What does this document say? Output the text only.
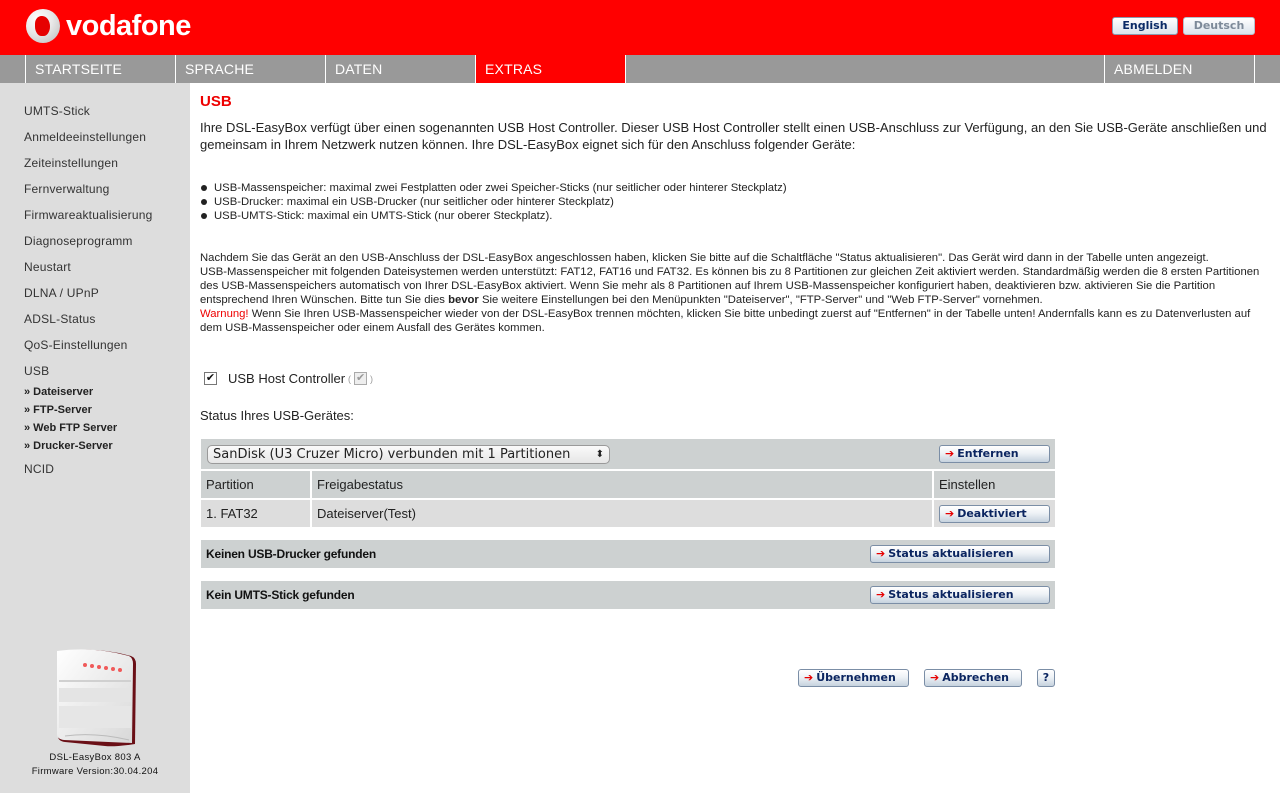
vodafone	English	Deutsch
STARTSEITE	SPRACHE	DATEN	EXTRAS	ABMELDEN
UMTS-Stick
Anmeldeeinstellungen
Zeiteinstellungen
Fernverwaltung
Firmwareaktualisierung
Diagnoseprogramm
Neustart
DLNA / UPnP
ADSL-Status
QoS-Einstellungen
USB
» Dateiserver
» FTP-Server
» Web FTP Server
» Drucker-Server
NCID
DSL-EasyBox 803 A
Firmware Version:30.04.204
USB

Ihre DSL-EasyBox verfügt über einen sogenannten USB Host Controller. Dieser USB Host Controller stellt einen USB-Anschluss zur Verfügung, an den Sie USB-Geräte anschließen und gemeinsam in Ihrem Netzwerk nutzen können. Ihre DSL-EasyBox eignet sich für den Anschluss folgender Geräte:

USB-Massenspeicher: maximal zwei Festplatten oder zwei Speicher-Sticks (nur seitlicher oder hinterer Steckplatz)
USB-Drucker: maximal ein USB-Drucker (nur seitlicher oder hinterer Steckplatz)
USB-UMTS-Stick: maximal ein UMTS-Stick (nur oberer Steckplatz).
Nachdem Sie das Gerät an den USB-Anschluss der DSL-EasyBox angeschlossen haben, klicken Sie bitte auf die Schaltfläche "Status aktualisieren". Das Gerät wird dann in der Tabelle unten angezeigt.
USB-Massenspeicher mit folgenden Dateisystemen werden unterstützt: FAT12, FAT16 und FAT32. Es können bis zu 8 Partitionen zur gleichen Zeit aktiviert werden. Standardmäßig werden die 8 ersten Partitionen des USB-Massenspeichers automatisch von Ihrer DSL-EasyBox aktiviert. Wenn Sie mehr als 8 Partitionen auf Ihrem USB-Massenspeicher konfiguriert haben, deaktivieren bzw. aktivieren Sie die Partition entsprechend Ihren Wünschen. Bitte tun Sie dies bevor Sie weitere Einstellungen bei den Menüpunkten "Dateiserver", "FTP-Server" und "Web FTP-Server" vornehmen.
Warnung! Wenn Sie Ihren USB-Massenspeicher wieder von der DSL-EasyBox trennen möchten, klicken Sie bitte unbedingt zuerst auf "Entfernen" in der Tabelle unten! Andernfalls kann es zu Datenverlusten auf dem USB-Massenspeicher oder einem Ausfall des Gerätes kommen.
✔ USB Host Controller ( ✔ )
Status Ihres USB-Gerätes:
SanDisk (U3 Cruzer Micro) verbunden mit 1 Partitionen	⬍	➔ Entfernen
Partition	Freigabestatus	Einstellen
1. FAT32	Dateiserver(Test)	➔ Deaktiviert
Keinen USB-Drucker gefunden	➔ Status aktualisieren
Kein UMTS-Stick gefunden	➔ Status aktualisieren
➔ Übernehmen	➔ Abbrechen	?
